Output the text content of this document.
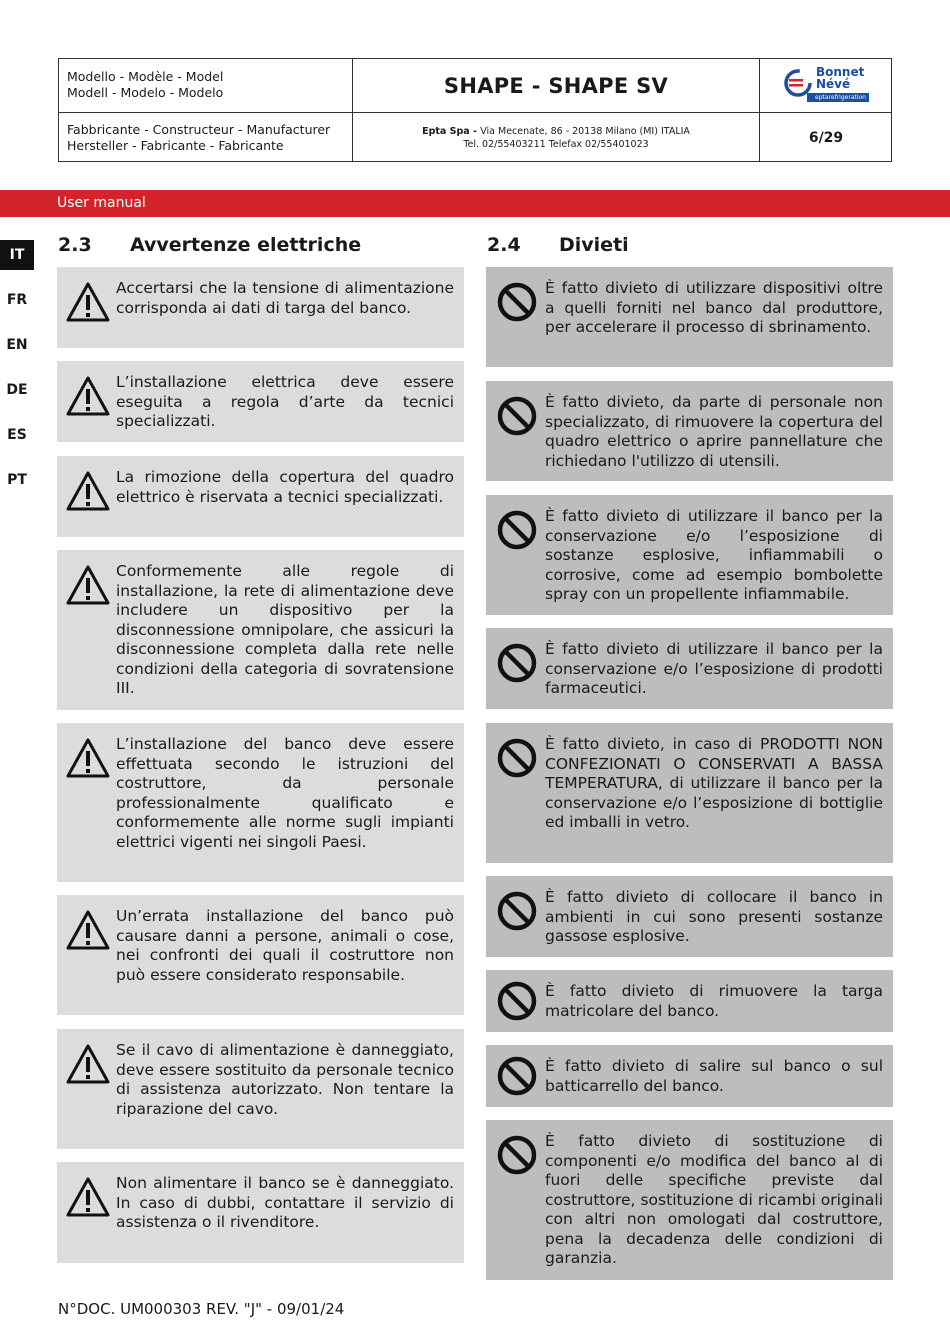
Modello - Modèle - Model
Modell - Modelo - Modelo	SHAPE - SHAPE SV
Bonnet
Névé
eptarefrigeration
Fabbricante - Constructeur - Manufacturer
Hersteller - Fabricante - Fabricante
Epta Spa - Via Mecenate, 86 - 20138 Milano (MI) ITALIA
Tel. 02/55403211 Telefax 02/55401023	6/29
User manual
IT
FR
EN
DE
ES
PT
2.3 Avvertenze elettriche	2.4 Divieti
Accertarsi che la tensione di alimentazione corrisponda ai dati di targa del banco.
L’installazione elettrica deve essere eseguita a regola d’arte da tecnici specializzati.
La rimozione della copertura del quadro elettrico è riservata a tecnici specializzati.
Conformemente alle regole di installazione, la rete di alimentazione deve includere un dispositivo per la disconnessione omnipolare, che assicuri la disconnessione completa dalla rete nelle condizioni della categoria di sovratensione III.
L’installazione del banco deve essere effettuata secondo le istruzioni del costruttore, da personale professionalmente qualificato e conformemente alle norme sugli impianti elettrici vigenti nei singoli Paesi.
Un’errata installazione del banco può causare danni a persone, animali o cose, nei confronti dei quali il costruttore non può essere considerato responsabile.
Se il cavo di alimentazione è danneggiato, deve essere sostituito da personale tecnico di assistenza autorizzato. Non tentare la riparazione del cavo.
Non alimentare il banco se è danneggiato. In caso di dubbi, contattare il servizio di assistenza o il rivenditore.
È fatto divieto di utilizzare dispositivi oltre a quelli forniti nel banco dal produttore, per accelerare il processo di sbrinamento.
È fatto divieto, da parte di personale non specializzato, di rimuovere la copertura del quadro elettrico o aprire pannellature che richiedano l'utilizzo di utensili.
È fatto divieto di utilizzare il banco per la conservazione e/o l’esposizione di sostanze esplosive, infiammabili o corrosive, come ad esempio bombolette spray con un propellente infiammabile.
È fatto divieto di utilizzare il banco per la conservazione e/o l’esposizione di prodotti farmaceutici.
È fatto divieto, in caso di PRODOTTI NON CONFEZIONATI O CONSERVATI A BASSA TEMPERATURA, di utilizzare il banco per la conservazione e/o l’esposizione di bottiglie ed imballi in vetro.
È fatto divieto di collocare il banco in ambienti in cui sono presenti sostanze gassose esplosive.
È fatto divieto di rimuovere la targa matricolare del banco.
È fatto divieto di salire sul banco o sul batticarrello del banco.
È fatto divieto di sostituzione di componenti e/o modifica del banco al di fuori delle specifiche previste dal costruttore, sostituzione di ricambi originali con altri non omologati dal costruttore, pena la decadenza delle condizioni di garanzia.
N°DOC. UM000303 REV. "J" - 09/01/24
